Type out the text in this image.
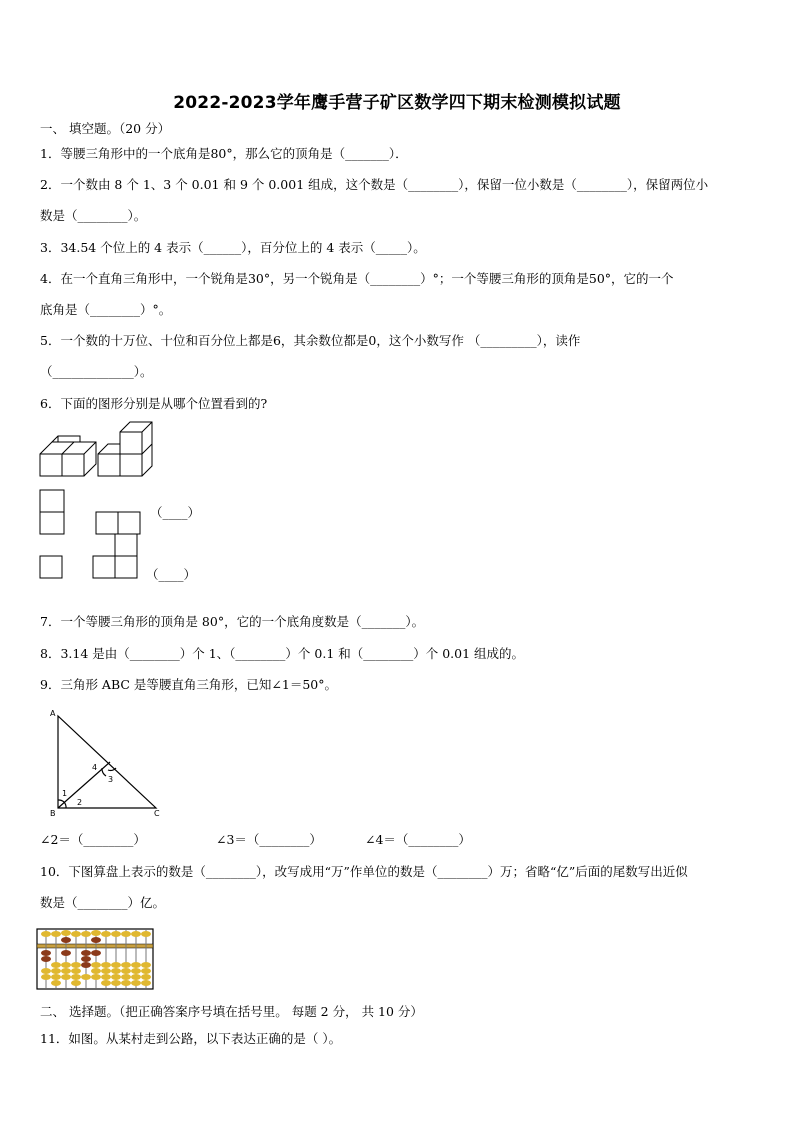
2022-2023学年鹰手营子矿区数学四下期末检测模拟试题
一、 填空题。（20 分）
1．等腰三角形中的一个底角是80°，那么它的顶角是（_______）．
2．一个数由 8 个 1、3 个 0.01 和 9 个 0.001 组成，这个数是（________），保留一位小数是（________），保留两位小
数是（________）。
3．34.54 个位上的 4 表示（______），百分位上的 4 表示（_____）。
4．在一个直角三角形中，一个锐角是30°，另一个锐角是（________）°；一个等腰三角形的顶角是50°，它的一个
底角是（________）°。
5．一个数的十万位、十位和百分位上都是6，其余数位都是0，这个小数写作 （_________），读作
（_____________）。
6．下面的图形分别是从哪个位置看到的?
（____）
（____）
7．一个等腰三角形的顶角是 80°，它的一个底角度数是（_______）。
8．3.14 是由（________）个 1、（________）个 0.1 和（________）个 0.01 组成的。
9．三角形 ABC 是等腰直角三角形，已知∠1＝50°。
A
B	C
1
2
3
4
∠2＝（________）	∠3＝（________）	∠4＝（________）
10．下图算盘上表示的数是（________），改写成用“万”作单位的数是（________）万；省略“亿”后面的尾数写出近似
数是（________）亿。
二、 选择题。（把正确答案序号填在括号里。 每题 2 分， 共 10 分）
11．如图。从某村走到公路，以下表达正确的是（ ）。
